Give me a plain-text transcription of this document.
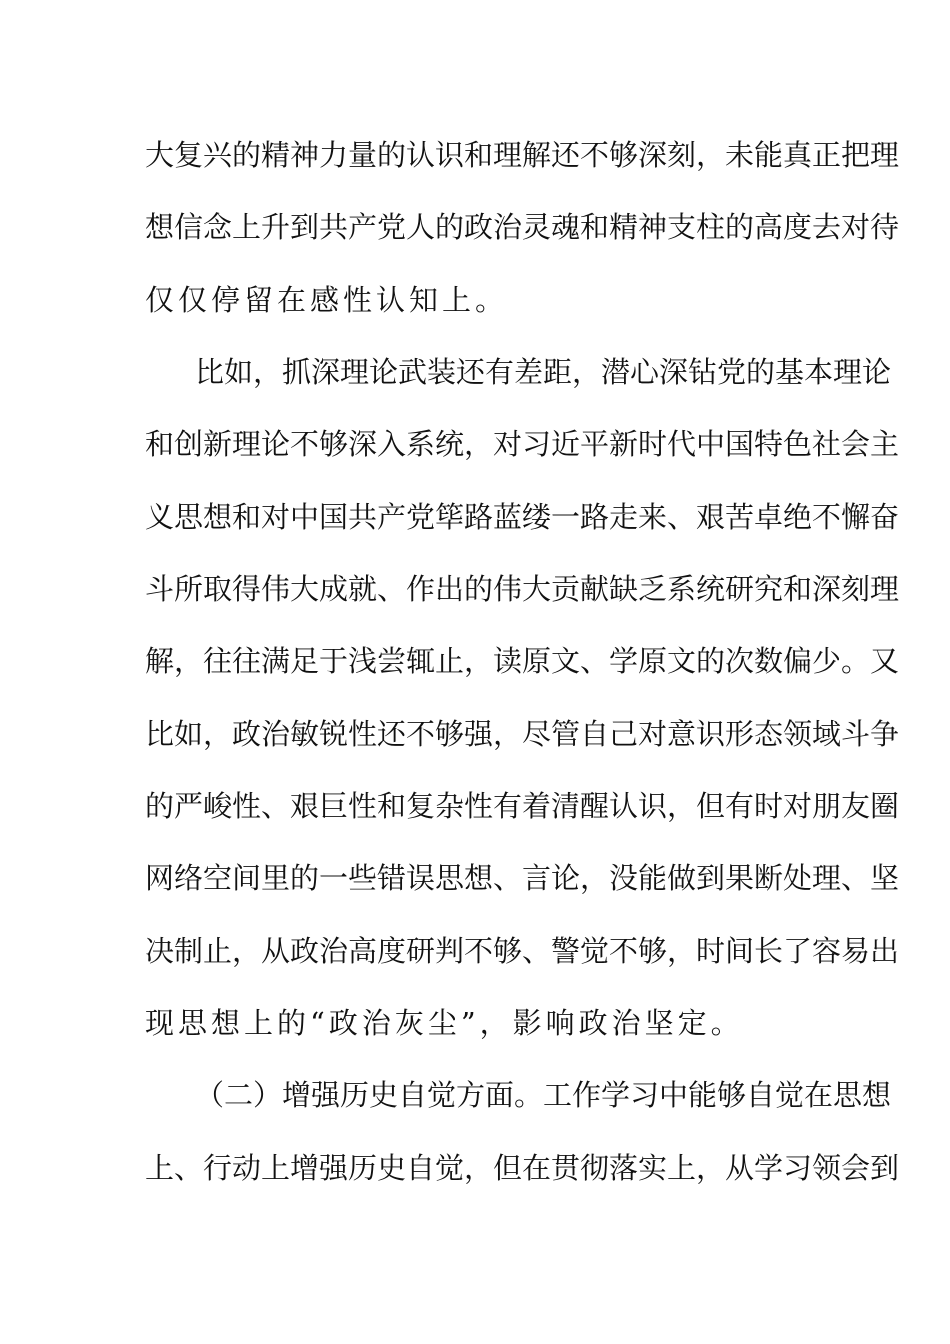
大复兴的精神力量的认识和理解还不够深刻，未能真正把理
想信念上升到共产党人的政治灵魂和精神支柱的高度去对待
仅仅停留在感性认知上。
比如，抓深理论武装还有差距，潜心深钻党的基本理论
和创新理论不够深入系统，对习近平新时代中国特色社会主
义思想和对中国共产党筚路蓝缕一路走来、艰苦卓绝不懈奋
斗所取得伟大成就、作出的伟大贡献缺乏系统研究和深刻理
解，往往满足于浅尝辄止，读原文、学原文的次数偏少。又
比如，政治敏锐性还不够强，尽管自己对意识形态领域斗争
的严峻性、艰巨性和复杂性有着清醒认识，但有时对朋友圈
网络空间里的一些错误思想、言论，没能做到果断处理、坚
决制止，从政治高度研判不够、警觉不够，时间长了容易出
现思想上的“政治灰尘”，影响政治坚定。
（二）增强历史自觉方面。工作学习中能够自觉在思想
上、行动上增强历史自觉，但在贯彻落实上，从学习领会到
